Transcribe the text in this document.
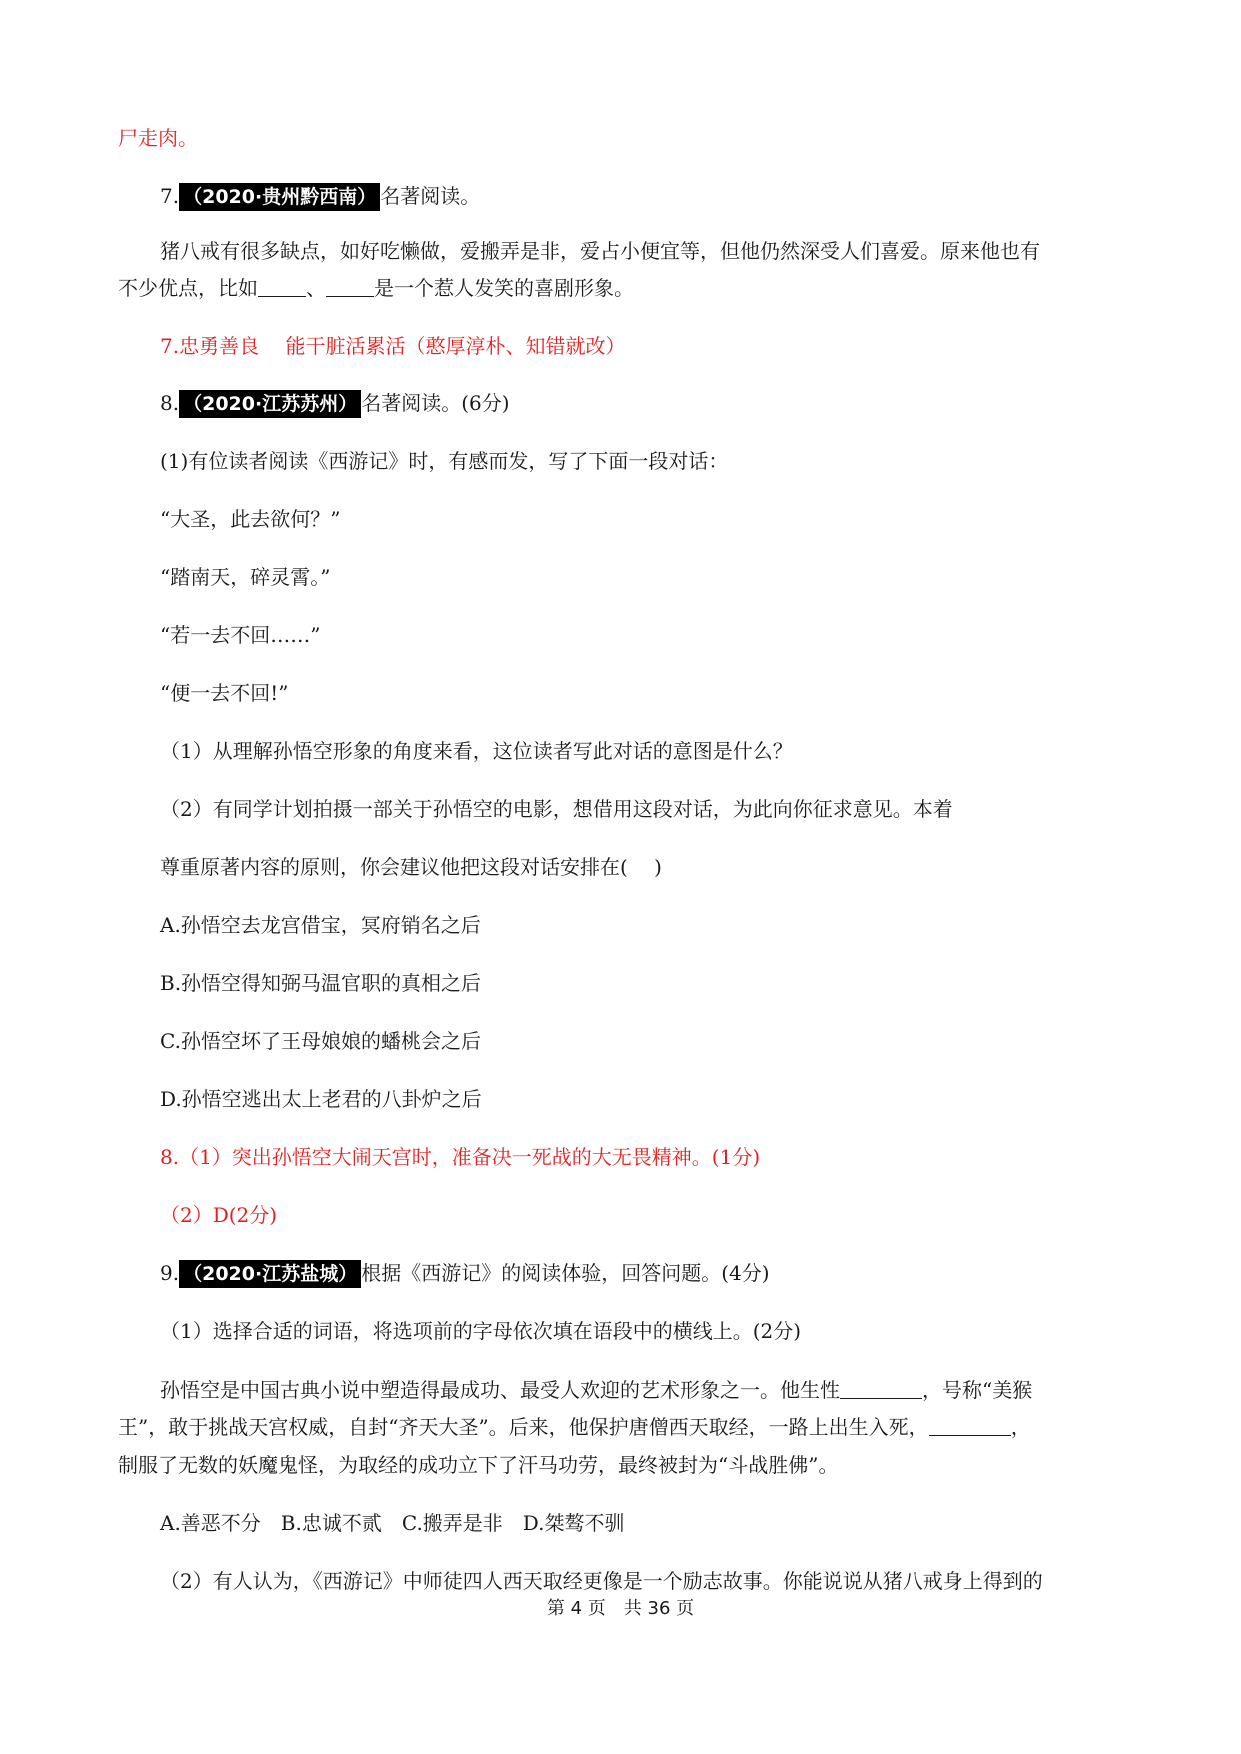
尸走肉。
7. （2020·贵州黔西南） 名著阅读。
猪八戒有很多缺点，如好吃懒做，爱搬弄是非，爱占小便宜等，但他仍然深受人们喜爱。原来他也有
不少优点，比如 、 是一个惹人发笑的喜剧形象。
7.忠勇善良　 能干脏活累活（憨厚淳朴、知错就改）
8. （2020·江苏苏州） 名著阅读。(6分)
(1)有位读者阅读《西游记》时，有感而发，写了下面一段对话：
“大圣，此去欲何？”
“踏南天，碎灵霄。”
“若一去不回……”
“便一去不回!”
（1）从理解孙悟空形象的角度来看，这位读者写此对话的意图是什么？
（2）有同学计划拍摄一部关于孙悟空的电影，想借用这段对话，为此向你征求意见。本着
尊重原著内容的原则，你会建议他把这段对话安排在(　 )
A.孙悟空去龙宫借宝，冥府销名之后
B.孙悟空得知弼马温官职的真相之后
C.孙悟空坏了王母娘娘的蟠桃会之后
D.孙悟空逃出太上老君的八卦炉之后
8.（1）突出孙悟空大闹天宫时，准备决一死战的大无畏精神。(1分)
（2）D(2分)
9. （2020·江苏盐城） 根据《西游记》的阅读体验，回答问题。(4分)
（1）选择合适的词语，将选项前的字母依次填在语段中的横线上。(2分)
孙悟空是中国古典小说中塑造得最成功、最受人欢迎的艺术形象之一。他生性	，号称“美猴
王”，敢于挑战天宫权威，自封“齐天大圣”。后来，他保护唐僧西天取经，一路上出生入死，	，
制服了无数的妖魔鬼怪，为取经的成功立下了汗马功劳，最终被封为“斗战胜佛”。
A.善恶不分　B.忠诚不贰　C.搬弄是非　D.桀骜不驯
（2）有人认为，《西游记》中师徒四人西天取经更像是一个励志故事。你能说说从猪八戒身上得到的
第 4 页　共 36 页
